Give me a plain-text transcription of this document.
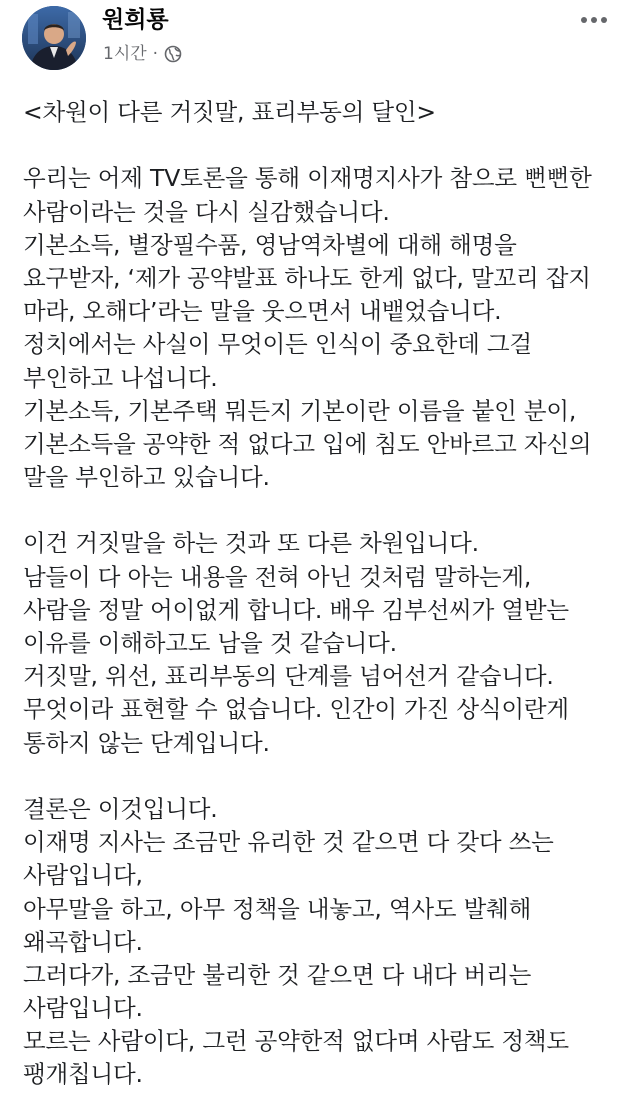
원희룡
1시간 ·
<차원이 다른 거짓말, 표리부동의 달인>
우리는 어제 TV토론을 통해 이재명지사가 참으로 뻔뻔한
사람이라는 것을 다시 실감했습니다.
기본소득, 별장필수품, 영남역차별에 대해 해명을
요구받자, ‘제가 공약발표 하나도 한게 없다, 말꼬리 잡지
마라, 오해다’라는 말을 웃으면서 내뱉었습니다.
정치에서는 사실이 무엇이든 인식이 중요한데 그걸
부인하고 나섭니다.
기본소득, 기본주택 뭐든지 기본이란 이름을 붙인 분이,
기본소득을 공약한 적 없다고 입에 침도 안바르고 자신의
말을 부인하고 있습니다.
이건 거짓말을 하는 것과 또 다른 차원입니다.
남들이 다 아는 내용을 전혀 아닌 것처럼 말하는게,
사람을 정말 어이없게 합니다. 배우 김부선씨가 열받는
이유를 이해하고도 남을 것 같습니다.
거짓말, 위선, 표리부동의 단계를 넘어선거 같습니다.
무엇이라 표현할 수 없습니다. 인간이 가진 상식이란게
통하지 않는 단계입니다.
결론은 이것입니다.
이재명 지사는 조금만 유리한 것 같으면 다 갖다 쓰는
사람입니다,
아무말을 하고, 아무 정책을 내놓고, 역사도 발췌해
왜곡합니다.
그러다가, 조금만 불리한 것 같으면 다 내다 버리는
사람입니다.
모르는 사람이다, 그런 공약한적 없다며 사람도 정책도
팽개칩니다.
